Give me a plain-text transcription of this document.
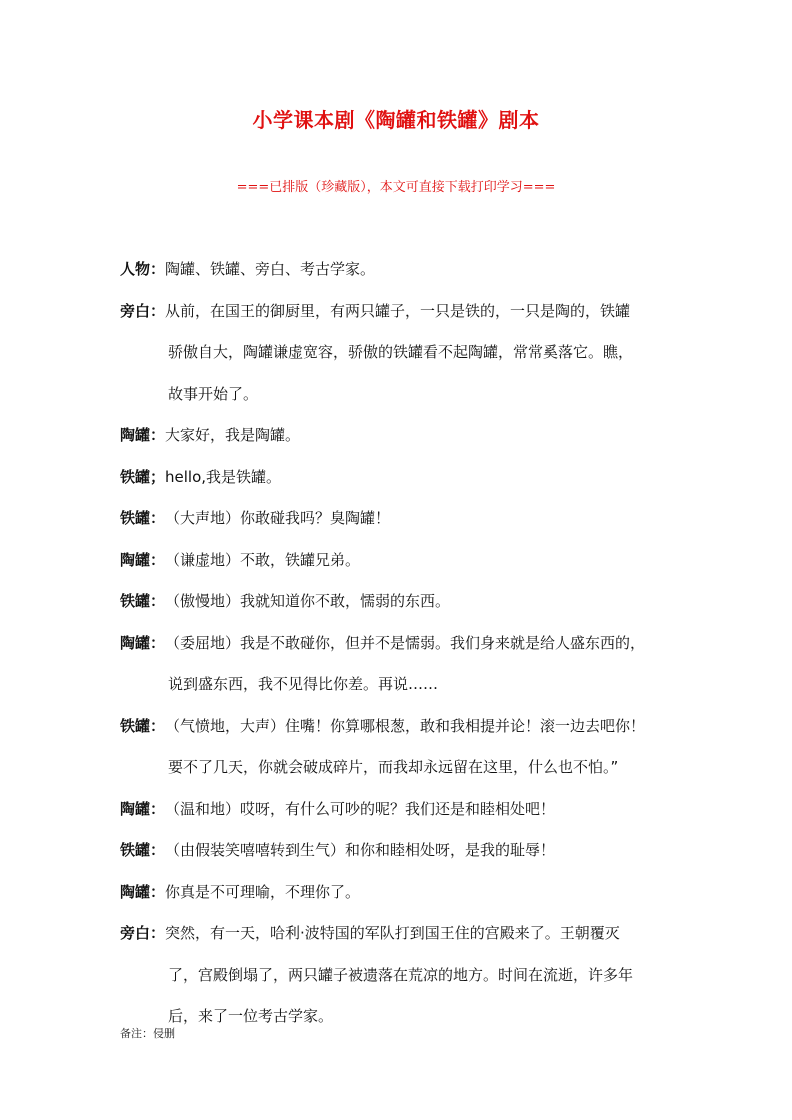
小学课本剧《陶罐和铁罐》剧本
===已排版（珍藏版），本文可直接下载打印学习===
人物：陶罐、铁罐、旁白、考古学家。
旁白：从前，在国王的御厨里，有两只罐子，一只是铁的，一只是陶的，铁罐
骄傲自大，陶罐谦虚宽容，骄傲的铁罐看不起陶罐，常常奚落它。瞧，
故事开始了。
陶罐：大家好，我是陶罐。
铁罐；hello,我是铁罐。
铁罐：（大声地）你敢碰我吗？臭陶罐！
陶罐：（谦虚地）不敢，铁罐兄弟。
铁罐：（傲慢地）我就知道你不敢，懦弱的东西。
陶罐：（委屈地）我是不敢碰你，但并不是懦弱。我们身来就是给人盛东西的，
说到盛东西，我不见得比你差。再说……
铁罐：（气愤地，大声）住嘴！你算哪根葱，敢和我相提并论！滚一边去吧你！
要不了几天，你就会破成碎片，而我却永远留在这里，什么也不怕。”
陶罐：（温和地）哎呀，有什么可吵的呢？我们还是和睦相处吧！
铁罐：（由假装笑嘻嘻转到生气）和你和睦相处呀，是我的耻辱！
陶罐：你真是不可理喻，不理你了。
旁白：突然，有一天，哈利·波特国的军队打到国王住的宫殿来了。王朝覆灭
了，宫殿倒塌了，两只罐子被遗落在荒凉的地方。时间在流逝，许多年
后，来了一位考古学家。
备注：侵删
